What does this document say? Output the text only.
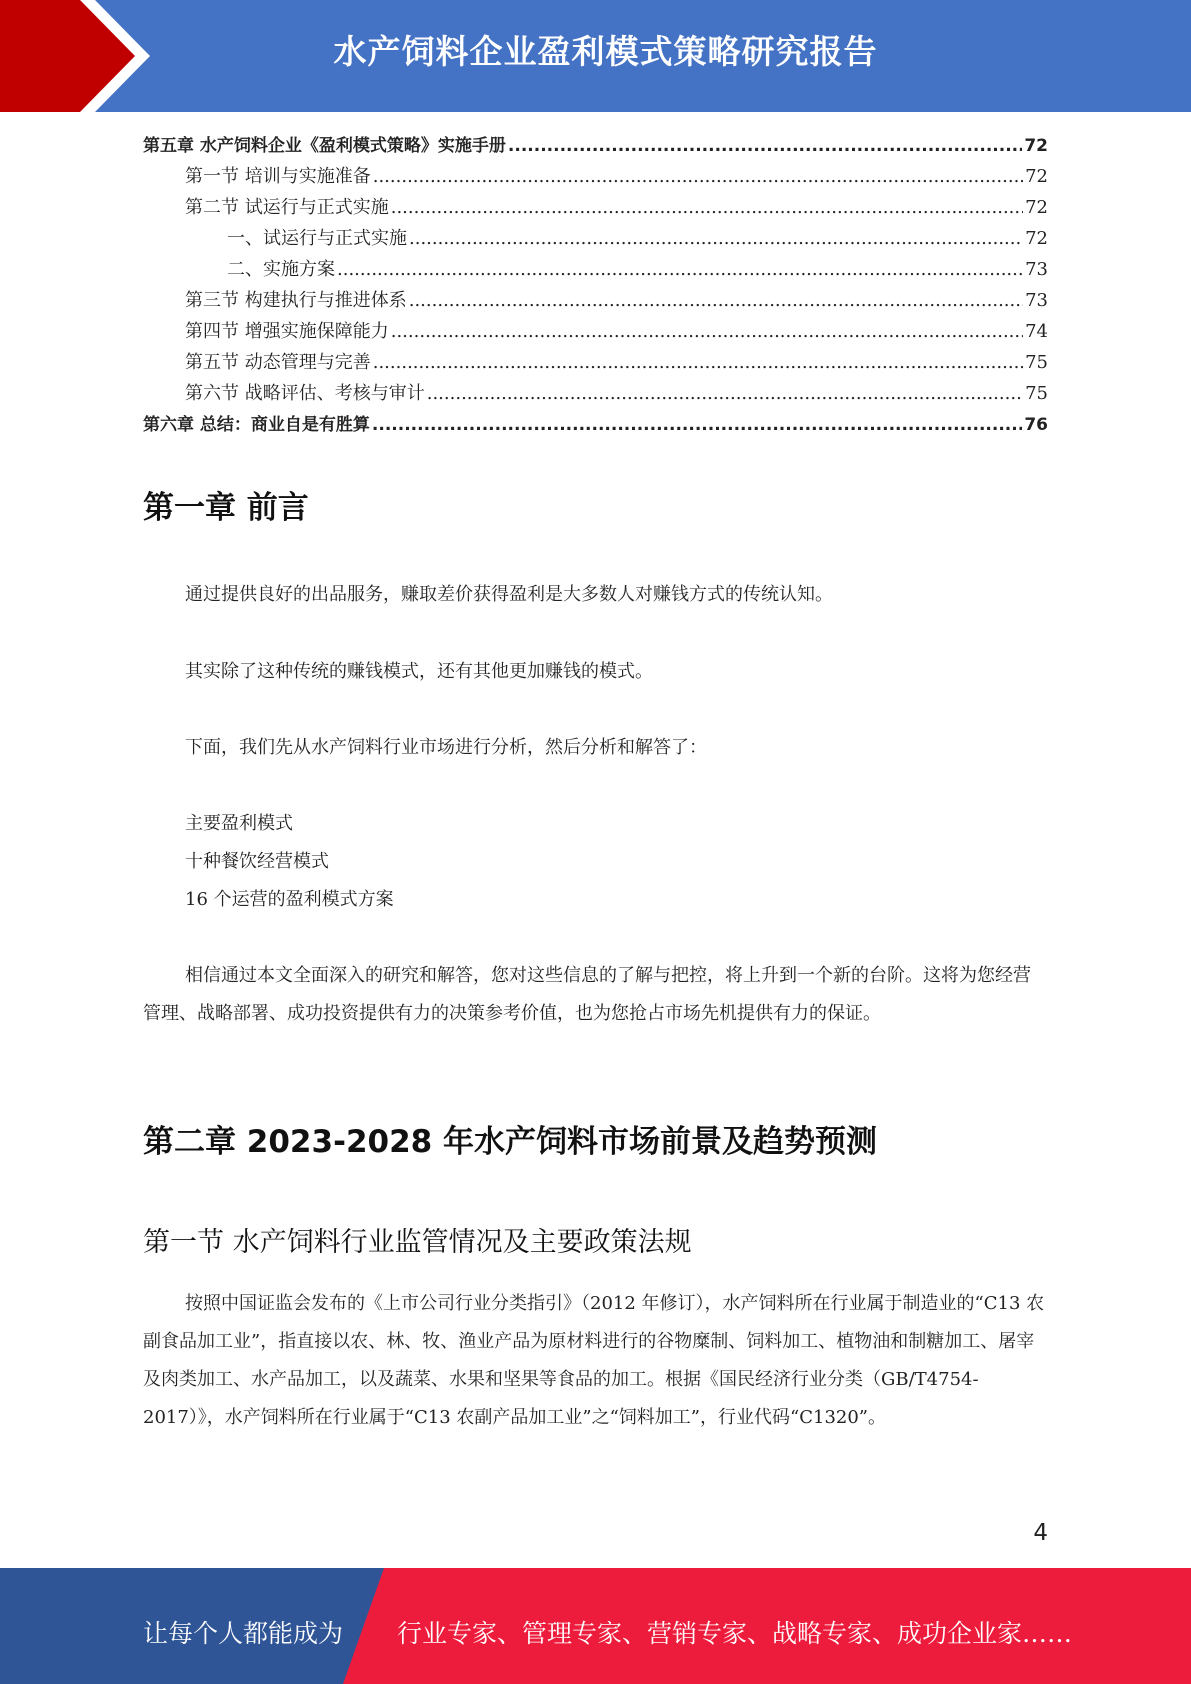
水产饲料企业盈利模式策略研究报告
第五章 水产饲料企业《盈利模式策略》实施手册 .....	72
第一节 培训与实施准备 .....	72
第二节 试运行与正式实施 .....	72
一、试运行与正式实施 .....	72
二、实施方案 .....	73
第三节 构建执行与推进体系 .....	73
第四节 增强实施保障能力 .....	74
第五节 动态管理与完善 .....	75
第六节 战略评估、考核与审计 .....	75
第六章 总结：商业自是有胜算 .....	76
第一章 前言
通过提供良好的出品服务，赚取差价获得盈利是大多数人对赚钱方式的传统认知。
其实除了这种传统的赚钱模式，还有其他更加赚钱的模式。
下面，我们先从水产饲料行业市场进行分析，然后分析和解答了：
主要盈利模式
十种餐饮经营模式
16 个运营的盈利模式方案
相信通过本文全面深入的研究和解答，您对这些信息的了解与把控，将上升到一个新的台阶。这将为您经营管理、战略部署、成功投资提供有力的决策参考价值，也为您抢占市场先机提供有力的保证。
第二章 2023-2028 年水产饲料市场前景及趋势预测
第一节 水产饲料行业监管情况及主要政策法规
按照中国证监会发布的《上市公司行业分类指引》（2012 年修订），水产饲料所在行业属于制造业的“C13 农副食品加工业”，指直接以农、林、牧、渔业产品为原材料进行的谷物糜制、饲料加工、植物油和制糖加工、屠宰及肉类加工、水产品加工，以及蔬菜、水果和坚果等食品的加工。根据《国民经济行业分类（GB/T4754-2017）》，水产饲料所在行业属于“C13 农副产品加工业”之“饲料加工”，行业代码“C1320”。
4
让每个人都能成为 行业专家、管理专家、营销专家、战略专家、成功企业家……
